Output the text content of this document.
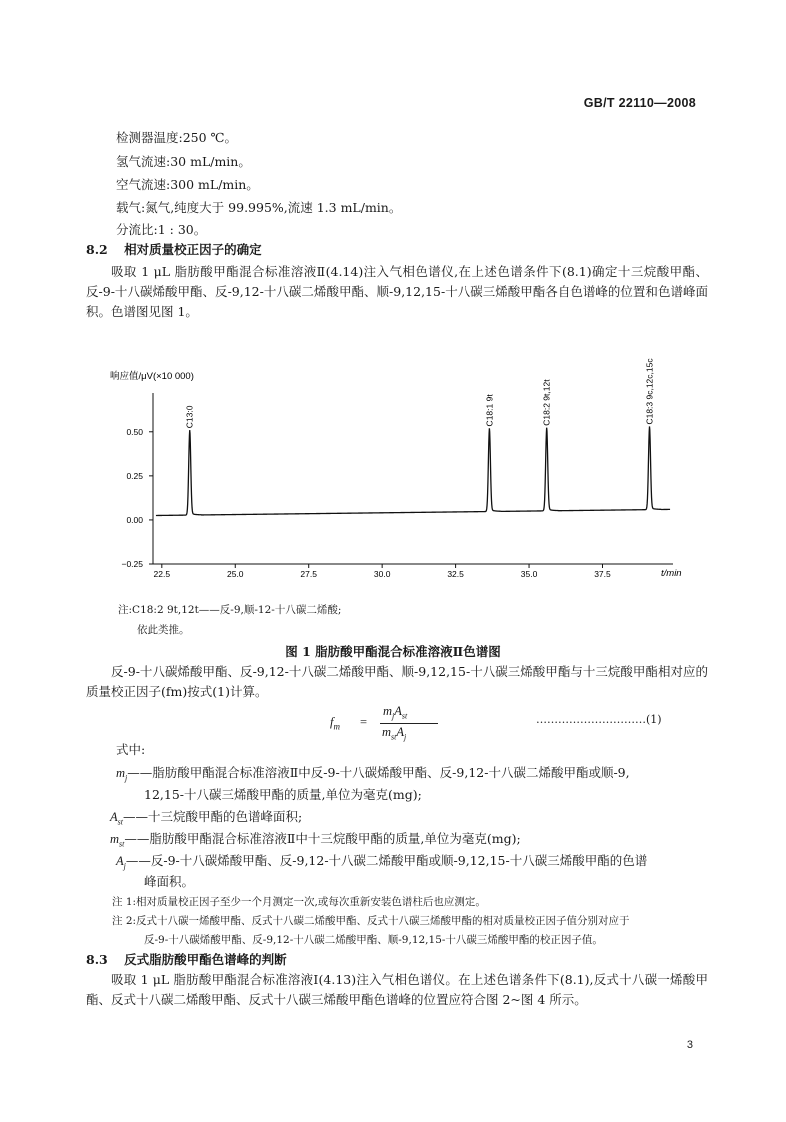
GB/T 22110—2008
检测器温度:250 ℃。
氢气流速:30 mL/min。
空气流速:300 mL/min。
载气:氮气,纯度大于 99.995%,流速 1.3 mL/min。
分流比:1 : 30。
8.2 相对质量校正因子的确定
吸取 1 μL 脂肪酸甲酯混合标准溶液Ⅱ(4.14)注入气相色谱仪,在上述色谱条件下(8.1)确定十三烷酸甲酯、反-9-十八碳烯酸甲酯、反-9,12-十八碳二烯酸甲酯、顺-9,12,15-十八碳三烯酸甲酯各自色谱峰的位置和色谱峰面积。色谱图见图 1。
响应值/μV(×10 000)
0.50
0.25
0.00
−0.25
22.5	25.0	27.5	30.0	32.5	35.0	37.5
C13:0	C18:1 9t	C18:2 9t,12t	C18:3 9c,12c,15c
t/min
注:C18:2 9t,12t——反-9,顺-12-十八碳二烯酸;
依此类推。
图 1 脂肪酸甲酯混合标准溶液Ⅱ色谱图
反-9-十八碳烯酸甲酯、反-9,12-十八碳二烯酸甲酯、顺-9,12,15-十八碳三烯酸甲酯与十三烷酸甲酯相对应的质量校正因子(fm)按式(1)计算。
$f_m$ =
$m_jA_{st}$
$m_{st}A_j$
…………………………(1)
式中:
$m_j——$脂肪酸甲酯混合标准溶液Ⅱ中反-9-十八碳烯酸甲酯、反-9,12-十八碳二烯酸甲酯或顺-9,
12,15-十八碳三烯酸甲酯的质量,单位为毫克(mg);
$A_{st}——$十三烷酸甲酯的色谱峰面积;
$m_{st}——$脂肪酸甲酯混合标准溶液Ⅱ中十三烷酸甲酯的质量,单位为毫克(mg);
$A_j——$反-9-十八碳烯酸甲酯、反-9,12-十八碳二烯酸甲酯或顺-9,12,15-十八碳三烯酸甲酯的色谱
峰面积。
注 1:相对质量校正因子至少一个月测定一次,或每次重新安装色谱柱后也应测定。
注 2:反式十八碳一烯酸甲酯、反式十八碳二烯酸甲酯、反式十八碳三烯酸甲酯的相对质量校正因子值分别对应于
反-9-十八碳烯酸甲酯、反-9,12-十八碳二烯酸甲酯、顺-9,12,15-十八碳三烯酸甲酯的校正因子值。
8.3 反式脂肪酸甲酯色谱峰的判断
吸取 1 μL 脂肪酸甲酯混合标准溶液Ⅰ(4.13)注入气相色谱仪。在上述色谱条件下(8.1),反式十八碳一烯酸甲酯、反式十八碳二烯酸甲酯、反式十八碳三烯酸甲酯色谱峰的位置应符合图 2~图 4 所示。
3
